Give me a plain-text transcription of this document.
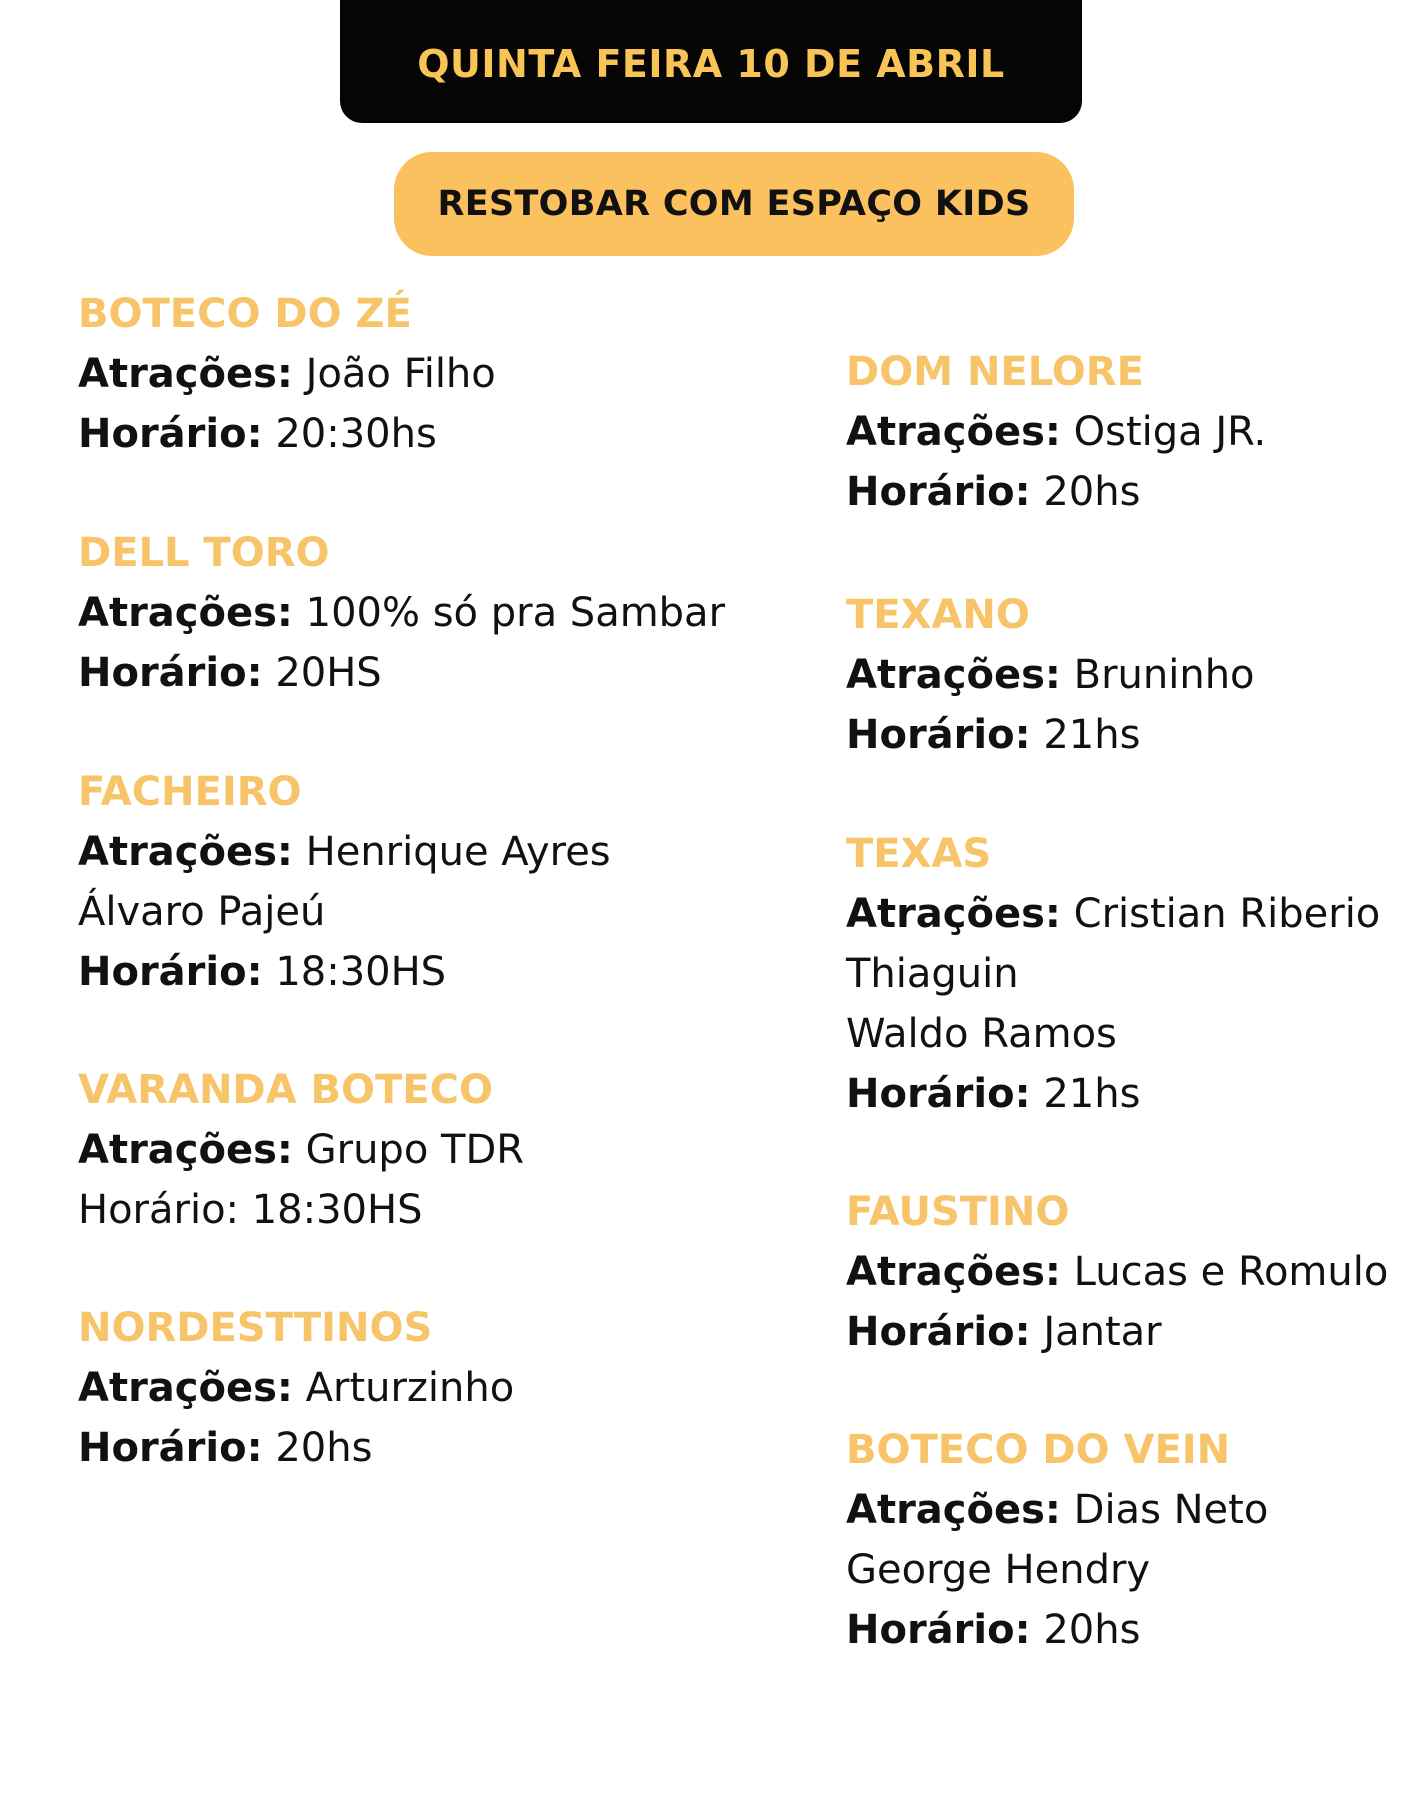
QUINTA FEIRA 10 DE ABRIL
RESTOBAR COM ESPAÇO KIDS
BOTECO DO ZÉ
Atrações: João Filho
Horário: 20:30hs
DELL TORO
Atrações: 100% só pra Sambar
Horário: 20HS
FACHEIRO
Atrações: Henrique Ayres
Álvaro Pajeú
Horário: 18:30HS
VARANDA BOTECO
Atrações: Grupo TDR
Horário: 18:30HS
NORDESTTINOS
Atrações: Arturzinho
Horário: 20hs
DOM NELORE
Atrações: Ostiga JR.
Horário: 20hs
TEXANO
Atrações: Bruninho
Horário: 21hs
TEXAS
Atrações: Cristian Riberio
Thiaguin
Waldo Ramos
Horário: 21hs
FAUSTINO
Atrações: Lucas e Romulo
Horário: Jantar
BOTECO DO VEIN
Atrações: Dias Neto
George Hendry
Horário: 20hs
